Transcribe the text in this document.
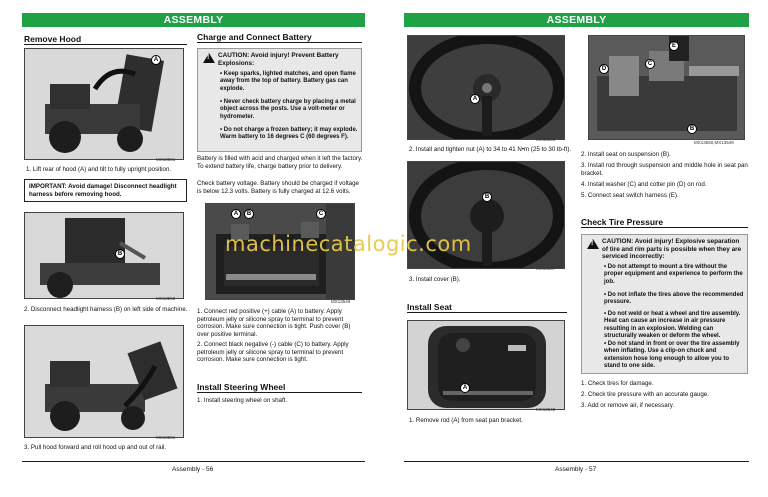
ASSEMBLY
Remove Hood
A
MX13551
1. Lift rear of hood (A) and tilt to fully upright position.
IMPORTANT: Avoid damage! Disconnect headlight harness before removing hood.
B
MX13552
2. Disconnect headlight harness (B) on left side of machine.
MX13551
3. Pull hood forward and roll hood up and out of rail.
Charge and Connect Battery
!
CAUTION: Avoid injury! Prevent Battery Explosions:
• Keep sparks, lighted matches, and open flame away from the top of battery. Battery gas can explode.
• Never check battery charge by placing a metal object across the posts. Use a volt-meter or hydrometer.
• Do not charge a frozen battery; it may explode. Warm battery to 16 degrees C (60 degrees F).
Battery is filled with acid and charged when it left the factory. To extend battery life, charge battery prior to delivery.
Check battery voltage. Battery should be charged if voltage is below 12.3 volts. Battery is fully charged at 12.6 volts.
A	B	C
MX13549
1. Connect red positive (+) cable (A) to battery. Apply petroleum jelly or silicone spray to terminal to prevent corrosion. Make sure connection is tight. Push cover (B) over positive terminal.
2. Connect black negative (-) cable (C) to battery. Apply petroleum jelly or silicone spray to terminal to prevent corrosion. Make sure connection is tight.
Install Steering Wheel
1. Install steering wheel on shaft.
Assembly - 56
ASSEMBLY
A
MX13546
2. Install and tighten nut (A) to 34 to 41 N•m (25 to 30 lb-ft).
B
MX13547
3. Install cover (B).
Install Seat
A
MX13548
1. Remove rod (A) from seat pan bracket.
D
C
E
B
MX13550,MX13549
2. Install seat on suspension (B).
3. Install rod through suspension and middle hole in seat pan bracket.
4. Install washer (C) and cotter pin (D) on rod.
5. Connect seat switch harness (E).
Check Tire Pressure
!
CAUTION: Avoid injury! Explosive separation of tire and rim parts is possible when they are serviced incorrectly:
• Do not attempt to mount a tire without the proper equipment and experience to perform the job.
• Do not inflate the tires above the recommended pressure.
• Do not weld or heat a wheel and tire assembly. Heat can cause an increase in air pressure resulting in an explosion. Welding can structurally weaken or deform the wheel.
• Do not stand in front or over the tire assembly when inflating. Use a clip-on chuck and extension hose long enough to allow you to stand to one side.
1. Check tires for damage.
2. Check tire pressure with an accurate gauge.
3. Add or remove air, if necessary.
Assembly - 57
machinecatalogic.com
